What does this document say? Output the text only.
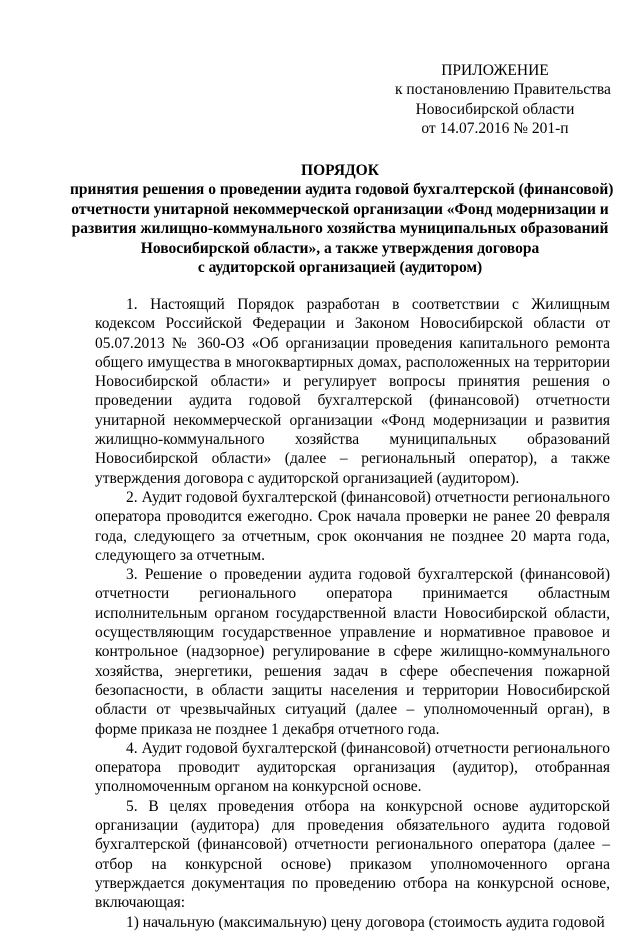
ПРИЛОЖЕНИЕ
к постановлению Правительства
Новосибирской области
от 14.07.2016 № 201-п
ПОРЯДОК
принятия решения о проведении аудита годовой бухгалтерской (финансовой)
отчетности унитарной некоммерческой организации «Фонд модернизации и
развития жилищно-коммунального хозяйства муниципальных образований
Новосибирской области», а также утверждения договора
с аудиторской организацией (аудитором)

1. Настоящий Порядок разработан в соответствии с Жилищным кодексом Российской Федерации и Законом Новосибирской области от 05.07.2013 № 360-ОЗ «Об организации проведения капитального ремонта общего имущества в многоквартирных домах, расположенных на территории Новосибирской области» и регулирует вопросы принятия решения о проведении аудита годовой бухгалтерской (финансовой) отчетности унитарной некоммерческой организации «Фонд модернизации и развития жилищно-коммунального хозяйства муниципальных образований Новосибирской области» (далее – региональный оператор), а также утверждения договора с аудиторской организацией (аудитором).

2. Аудит годовой бухгалтерской (финансовой) отчетности регионального оператора проводится ежегодно. Срок начала проверки не ранее 20 февраля года, следующего за отчетным, срок окончания не позднее 20 марта года, следующего за отчетным.

3. Решение о проведении аудита годовой бухгалтерской (финансовой) отчетности регионального оператора принимается областным исполнительным органом государственной власти Новосибирской области, осуществляющим государственное управление и нормативное правовое и контрольное (надзорное) регулирование в сфере жилищно-коммунального хозяйства, энергетики, решения задач в сфере обеспечения пожарной безопасности, в области защиты населения и территории Новосибирской области от чрезвычайных ситуаций (далее – уполномоченный орган), в форме приказа не позднее 1 декабря отчетного года.

4. Аудит годовой бухгалтерской (финансовой) отчетности регионального оператора проводит аудиторская организация (аудитор), отобранная уполномоченным органом на конкурсной основе.

5. В целях проведения отбора на конкурсной основе аудиторской организации (аудитора) для проведения обязательного аудита годовой бухгалтерской (финансовой) отчетности регионального оператора (далее – отбор на конкурсной основе) приказом уполномоченного органа утверждается документация по проведению отбора на конкурсной основе, включающая:

1) начальную (максимальную) цену договора (стоимость аудита годовой
